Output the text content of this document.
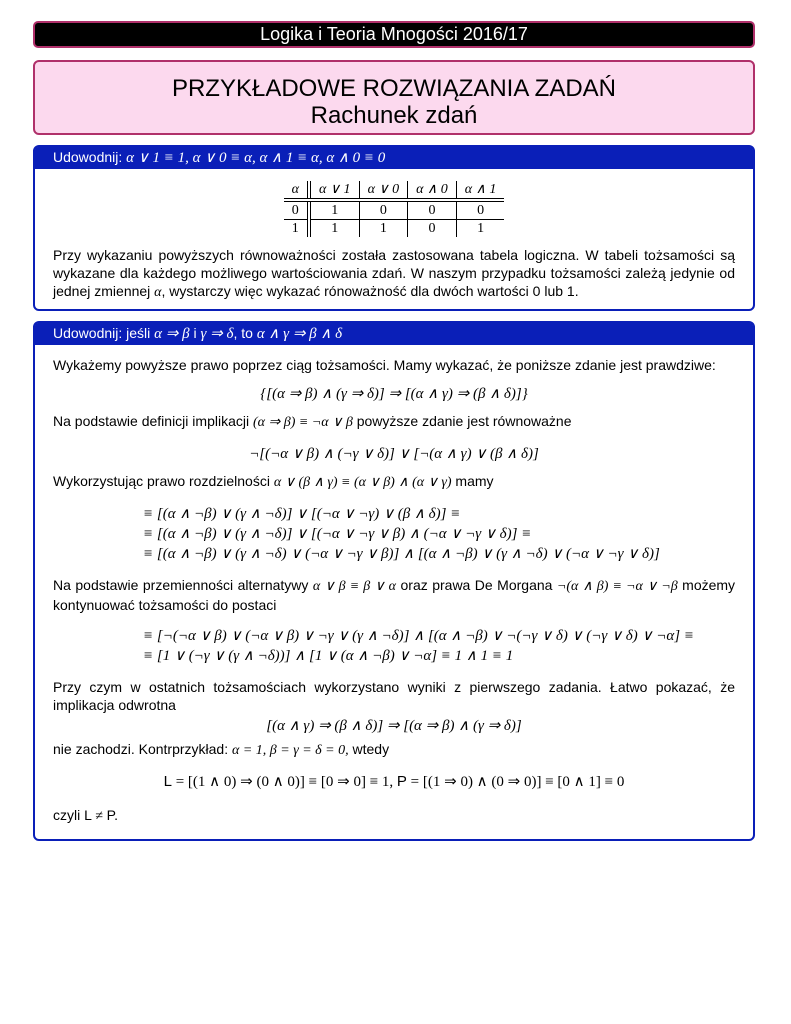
Logika i Teoria Mnogości 2016/17
PRZYKŁADOWE ROZWIĄZANIA ZADAŃ
Rachunek zdań
Udowodnij: α ∨ 1 ≡ 1, α ∨ 0 ≡ α, α ∧ 1 ≡ α, α ∧ 0 ≡ 0
α	α ∨ 1	α ∨ 0	α ∧ 0	α ∧ 1
0	1	0	0	0
1	1	1	0	1

Przy wykazaniu powyższych równoważności została zastosowana tabela logiczna. W tabeli tożsamości są wykazane dla każdego możliwego wartościowania zdań. W naszym przypadku tożsamości zależą jedynie od jednej zmiennej α, wystarczy więc wykazać rónoważność dla dwóch wartości 0 lub 1.

Udowodnij: jeśli α ⇒ β i γ ⇒ δ, to α ∧ γ ⇒ β ∧ δ

Wykażemy powyższe prawo poprzez ciąg tożsamości. Mamy wykazać, że poniższe zdanie jest prawdziwe:

{[(α ⇒ β) ∧ (γ ⇒ δ)] ⇒ [(α ∧ γ) ⇒ (β ∧ δ)]}

Na podstawie definicji implikacji (α ⇒ β) ≡ ¬α ∨ β powyższe zdanie jest równoważne

¬[(¬α ∨ β) ∧ (¬γ ∨ δ)] ∨ [¬(α ∧ γ) ∨ (β ∧ δ)]

Wykorzystując prawo rozdzielności α ∨ (β ∧ γ) ≡ (α ∨ β) ∧ (α ∨ γ) mamy

≡ [(α ∧ ¬β) ∨ (γ ∧ ¬δ)] ∨ [(¬α ∨ ¬γ) ∨ (β ∧ δ)] ≡
≡ [(α ∧ ¬β) ∨ (γ ∧ ¬δ)] ∨ [(¬α ∨ ¬γ ∨ β) ∧ (¬α ∨ ¬γ ∨ δ)] ≡
≡ [(α ∧ ¬β) ∨ (γ ∧ ¬δ) ∨ (¬α ∨ ¬γ ∨ β)] ∧ [(α ∧ ¬β) ∨ (γ ∧ ¬δ) ∨ (¬α ∨ ¬γ ∨ δ)]

Na podstawie przemienności alternatywy α ∨ β ≡ β ∨ α oraz prawa De Morgana ¬(α ∧ β) ≡ ¬α ∨ ¬β możemy kontynuować tożsamości do postaci

≡ [¬(¬α ∨ β) ∨ (¬α ∨ β) ∨ ¬γ ∨ (γ ∧ ¬δ)] ∧ [(α ∧ ¬β) ∨ ¬(¬γ ∨ δ) ∨ (¬γ ∨ δ) ∨ ¬α] ≡
≡ [1 ∨ (¬γ ∨ (γ ∧ ¬δ))] ∧ [1 ∨ (α ∧ ¬β) ∨ ¬α] ≡ 1 ∧ 1 ≡ 1

Przy czym w ostatnich tożsamościach wykorzystano wyniki z pierwszego zadania. Łatwo pokazać, że implikacja odwrotna

[(α ∧ γ) ⇒ (β ∧ δ)] ⇒ [(α ⇒ β) ∧ (γ ⇒ δ)]

nie zachodzi. Kontrprzykład: α = 1, β = γ = δ = 0, wtedy

L = [(1 ∧ 0) ⇒ (0 ∧ 0)] ≡ [0 ⇒ 0] ≡ 1, P = [(1 ⇒ 0) ∧ (0 ⇒ 0)] ≡ [0 ∧ 1] ≡ 0

czyli L ≠ P.
